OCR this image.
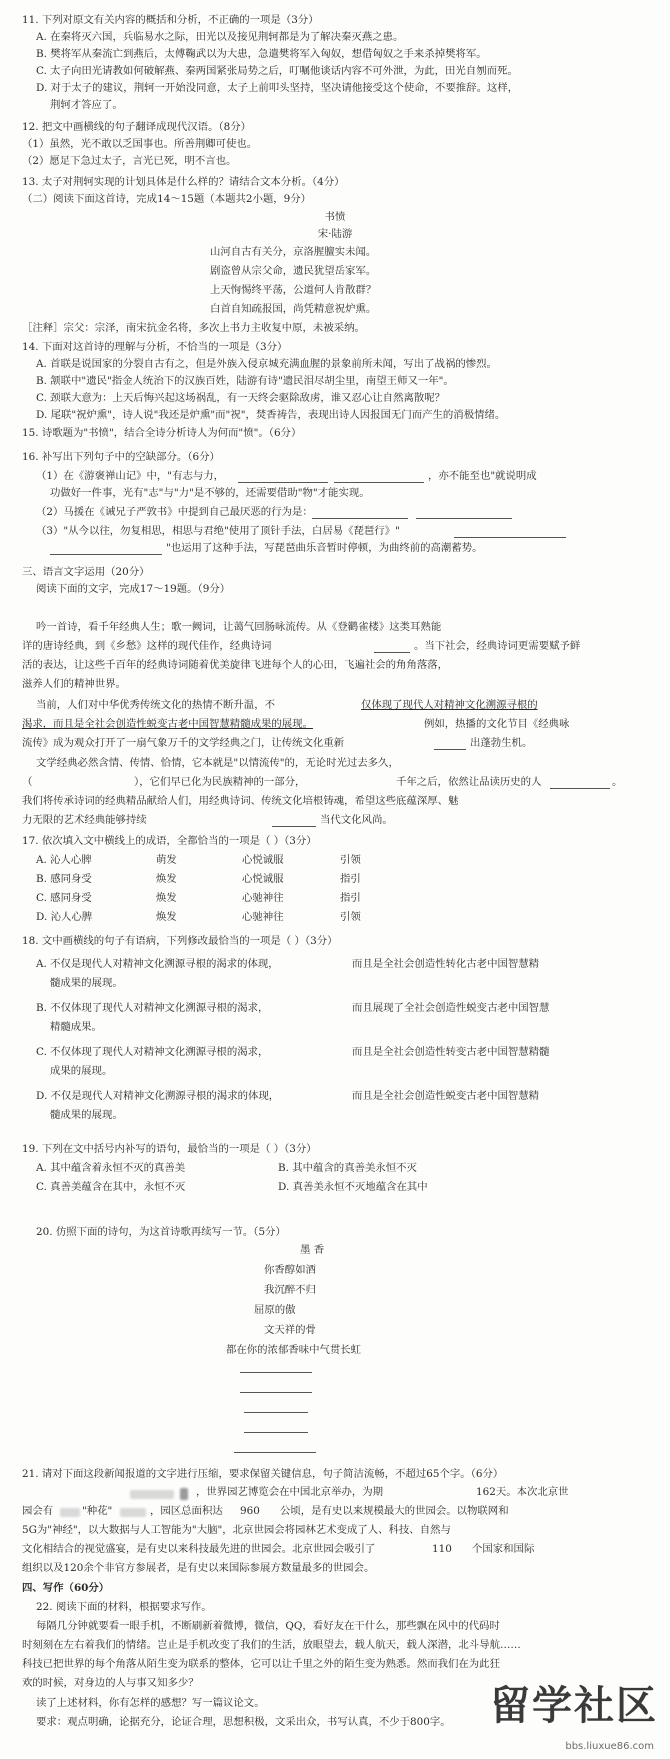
11. 下列对原文有关内容的概括和分析，不正确的一项是（3分）
A. 在秦将灭六国，兵临易水之际，田光以及接见荆轲都是为了解决秦灭燕之患。
B. 樊将军从秦流亡到燕后，太傅鞠武以为大患，急遣樊将军入匈奴，想借匈奴之手来杀掉樊将军。
C. 太子向田光请教如何破解燕、秦两国紧张局势之后，叮嘱他谈话内容不可外泄，为此，田光自刎而死。
D. 对于太子的建议，荆轲一开始没同意，太子上前叩头坚持，坚决请他接受这个使命，不要推辞。这样，
荆轲才答应了。
12. 把文中画横线的句子翻译成现代汉语。（8分）
（1）虽然，光不敢以乏国事也。所善荆卿可使也。
（2）愿足下急过太子，言光已死，明不言也。
13. 太子对荆轲实现的计划具体是什么样的？请结合文本分析。（4分）
（二）阅读下面这首诗，完成14～15题（本题共2小题，9分）
书愤
宋·陆游
山河自古有关分，京洛腥膻实未闻。
剧盗曾从宗父命，遗民犹望岳家军。
上天恂惕终平荡，公道何人肯散群？
白首自知疏报国，尚凭精意祝炉熏。
［注释］宗父：宗泽，南宋抗金名将，多次上书力主收复中原，未被采纳。
14. 下面对这首诗的理解与分析，不恰当的一项是（3分）
A. 首联是说国家的分裂自古有之，但是外族入侵京城充满血腥的景象前所未闻，写出了战祸的惨烈。
B. 颔联中"遗民"指金人统治下的汉族百姓，陆游有诗"遗民泪尽胡尘里，南望王师又一年"。
C. 颈联大意为：上天后悔兴起这场祸乱，有一天终会驱除敌虏，谁又忍心让自然离散呢？
D. 尾联"祝炉熏"，诗人说"我还是炉熏"而"祝"，焚香祷告，表现出诗人因报国无门而产生的消极情绪。
15. 诗歌题为"书愤"，结合全诗分析诗人为何而"愤"。（6分）
16. 补写出下列句子中的空缺部分。（6分）
（1）在《游褒禅山记》中，"有志与力，	，亦不能至也"就说明成
功做好一件事，光有"志"与"力"是不够的，还需要借助"物"才能实现。
（2）马援在《诫兄子严敦书》中提到自己最厌恶的行为是：
（3）"从今以往，勿复相思，相思与君绝"使用了顶针手法，白居易《琵琶行》"
"也运用了这种手法，写琵琶曲乐音暂时停顿，为曲终前的高潮蓄势。
三、语言文字运用（20分）
阅读下面的文字，完成17～19题。（9分）
吟一首诗，看千年经典人生；歌一阙词，让蔼气回肠咏流传。从《登鹳雀楼》这类耳熟能
详的唐诗经典，到《乡愁》这样的现代佳作，经典诗词	。当下社会，经典诗词更需要赋予鲜
活的表达，让这些千百年的经典诗词随着优美旋律飞进每个人的心田，飞遍社会的角角落落，
滋养人们的精神世界。
当前，人们对中华优秀传统文化的热情不断升温，不	仅体现了现代人对精神文化溯源寻根的
渴求，而且是全社会创造性蜕变古老中国智慧精髓成果的展现。	例如，热播的文化节目《经典咏
流传》成为观众打开了一扇气象万千的文学经典之门，让传统文化重新	出蓬勃生机。
文学经典必然含情、传情、恰情，它本就是"以情流传"的，无论时光过去多久，
（	），它们早已化为民族精神的一部分，	千年之后，依然让品读历史的人	。
我们将传承诗词的经典精品献给人们，用经典诗词、传统文化培根铸魂，希望这些底蕴深厚、魅
力无限的艺术经典能够持续	当代文化风尚。
17. 依次填入文中横线上的成语，全都恰当的一项是（ ）（3分）
A. 沁人心脾	萌发	心悦诚服	引领
B. 感同身受	焕发	心悦诚服	指引
C. 感同身受	焕发	心驰神往	指引
D. 沁人心脾	焕发	心驰神往	引领
18. 文中画横线的句子有语病，下列修改最恰当的一项是（ ）（3分）
A. 不仅是现代人对精神文化溯源寻根的渴求的体现，	而且是全社会创造性转化古老中国智慧精
髓成果的展现。
B. 不仅体现了现代人对精神文化溯源寻根的渴求，	而且展现了全社会创造性蜕变古老中国智慧
精髓成果。
C. 不仅体现了现代人对精神文化溯源寻根的渴求，	而且是全社会创造性转变古老中国智慧精髓
成果的展现。
D. 不仅是现代人对精神文化溯源寻根的渴求的体现，	而且是全社会创造性蜕变古老中国智慧精
髓成果的展现。
19. 下列在文中括号内补写的语句，最恰当的一项是（ ）（3分）
A. 其中蕴含着永恒不灭的真善美	B. 其中蕴含的真善美永恒不灭
C. 真善美蕴含在其中，永恒不灭	D. 真善美永恒不灭地蕴含在其中
20. 仿照下面的诗句，为这首诗歌再续写一节。（5分）
墨 香
你香醇如酒
我沉醉不归
屈原的傲
文天祥的骨
都在你的浓郁香味中气贯长虹
21. 请对下面这段新闻报道的文字进行压缩，要求保留关键信息，句子简洁流畅，不超过65个字。（6分）
，世界园艺博览会在中国北京举办，为期	162天。本次北京世
园会有	"种花"	，园区总面积达 960 公顷，是有史以来规模最大的世园会。以物联网和
5G为"神经"，以大数据与人工智能为"大脑"，北京世园会将园林艺术变成了人、科技、自然与
文化相结合的视觉盛宴，是有史以来科技最先进的世园会。北京世园会吸引了	110 个国家和国际
组织以及120余个非官方参展者，是有史以来国际参展方数量最多的世园会。
四、写作（60分）
22. 阅读下面的材料，根据要求写作。
每隔几分钟就要看一眼手机，不断刷新着微博，微信，QQ，看好友在干什么，那些飘在风中的代码时
时刻刻在左右着我们的情绪。岂止是手机改变了我们的生活，放眼望去，载人航天，载人深潜，北斗导航……
科技已把世界的每个角落从陌生变为联系的整体，它可以让千里之外的陌生变为熟悉。然而我们在为此狂
欢的时候，对身边的人与事又知多少？
读了上述材料，你有怎样的感想？写一篇议论文。
要求：观点明确，论据充分，论证合理，思想积极，文采出众，书写认真，不少于800字。 留学社区
bbs.liuxue86.com
